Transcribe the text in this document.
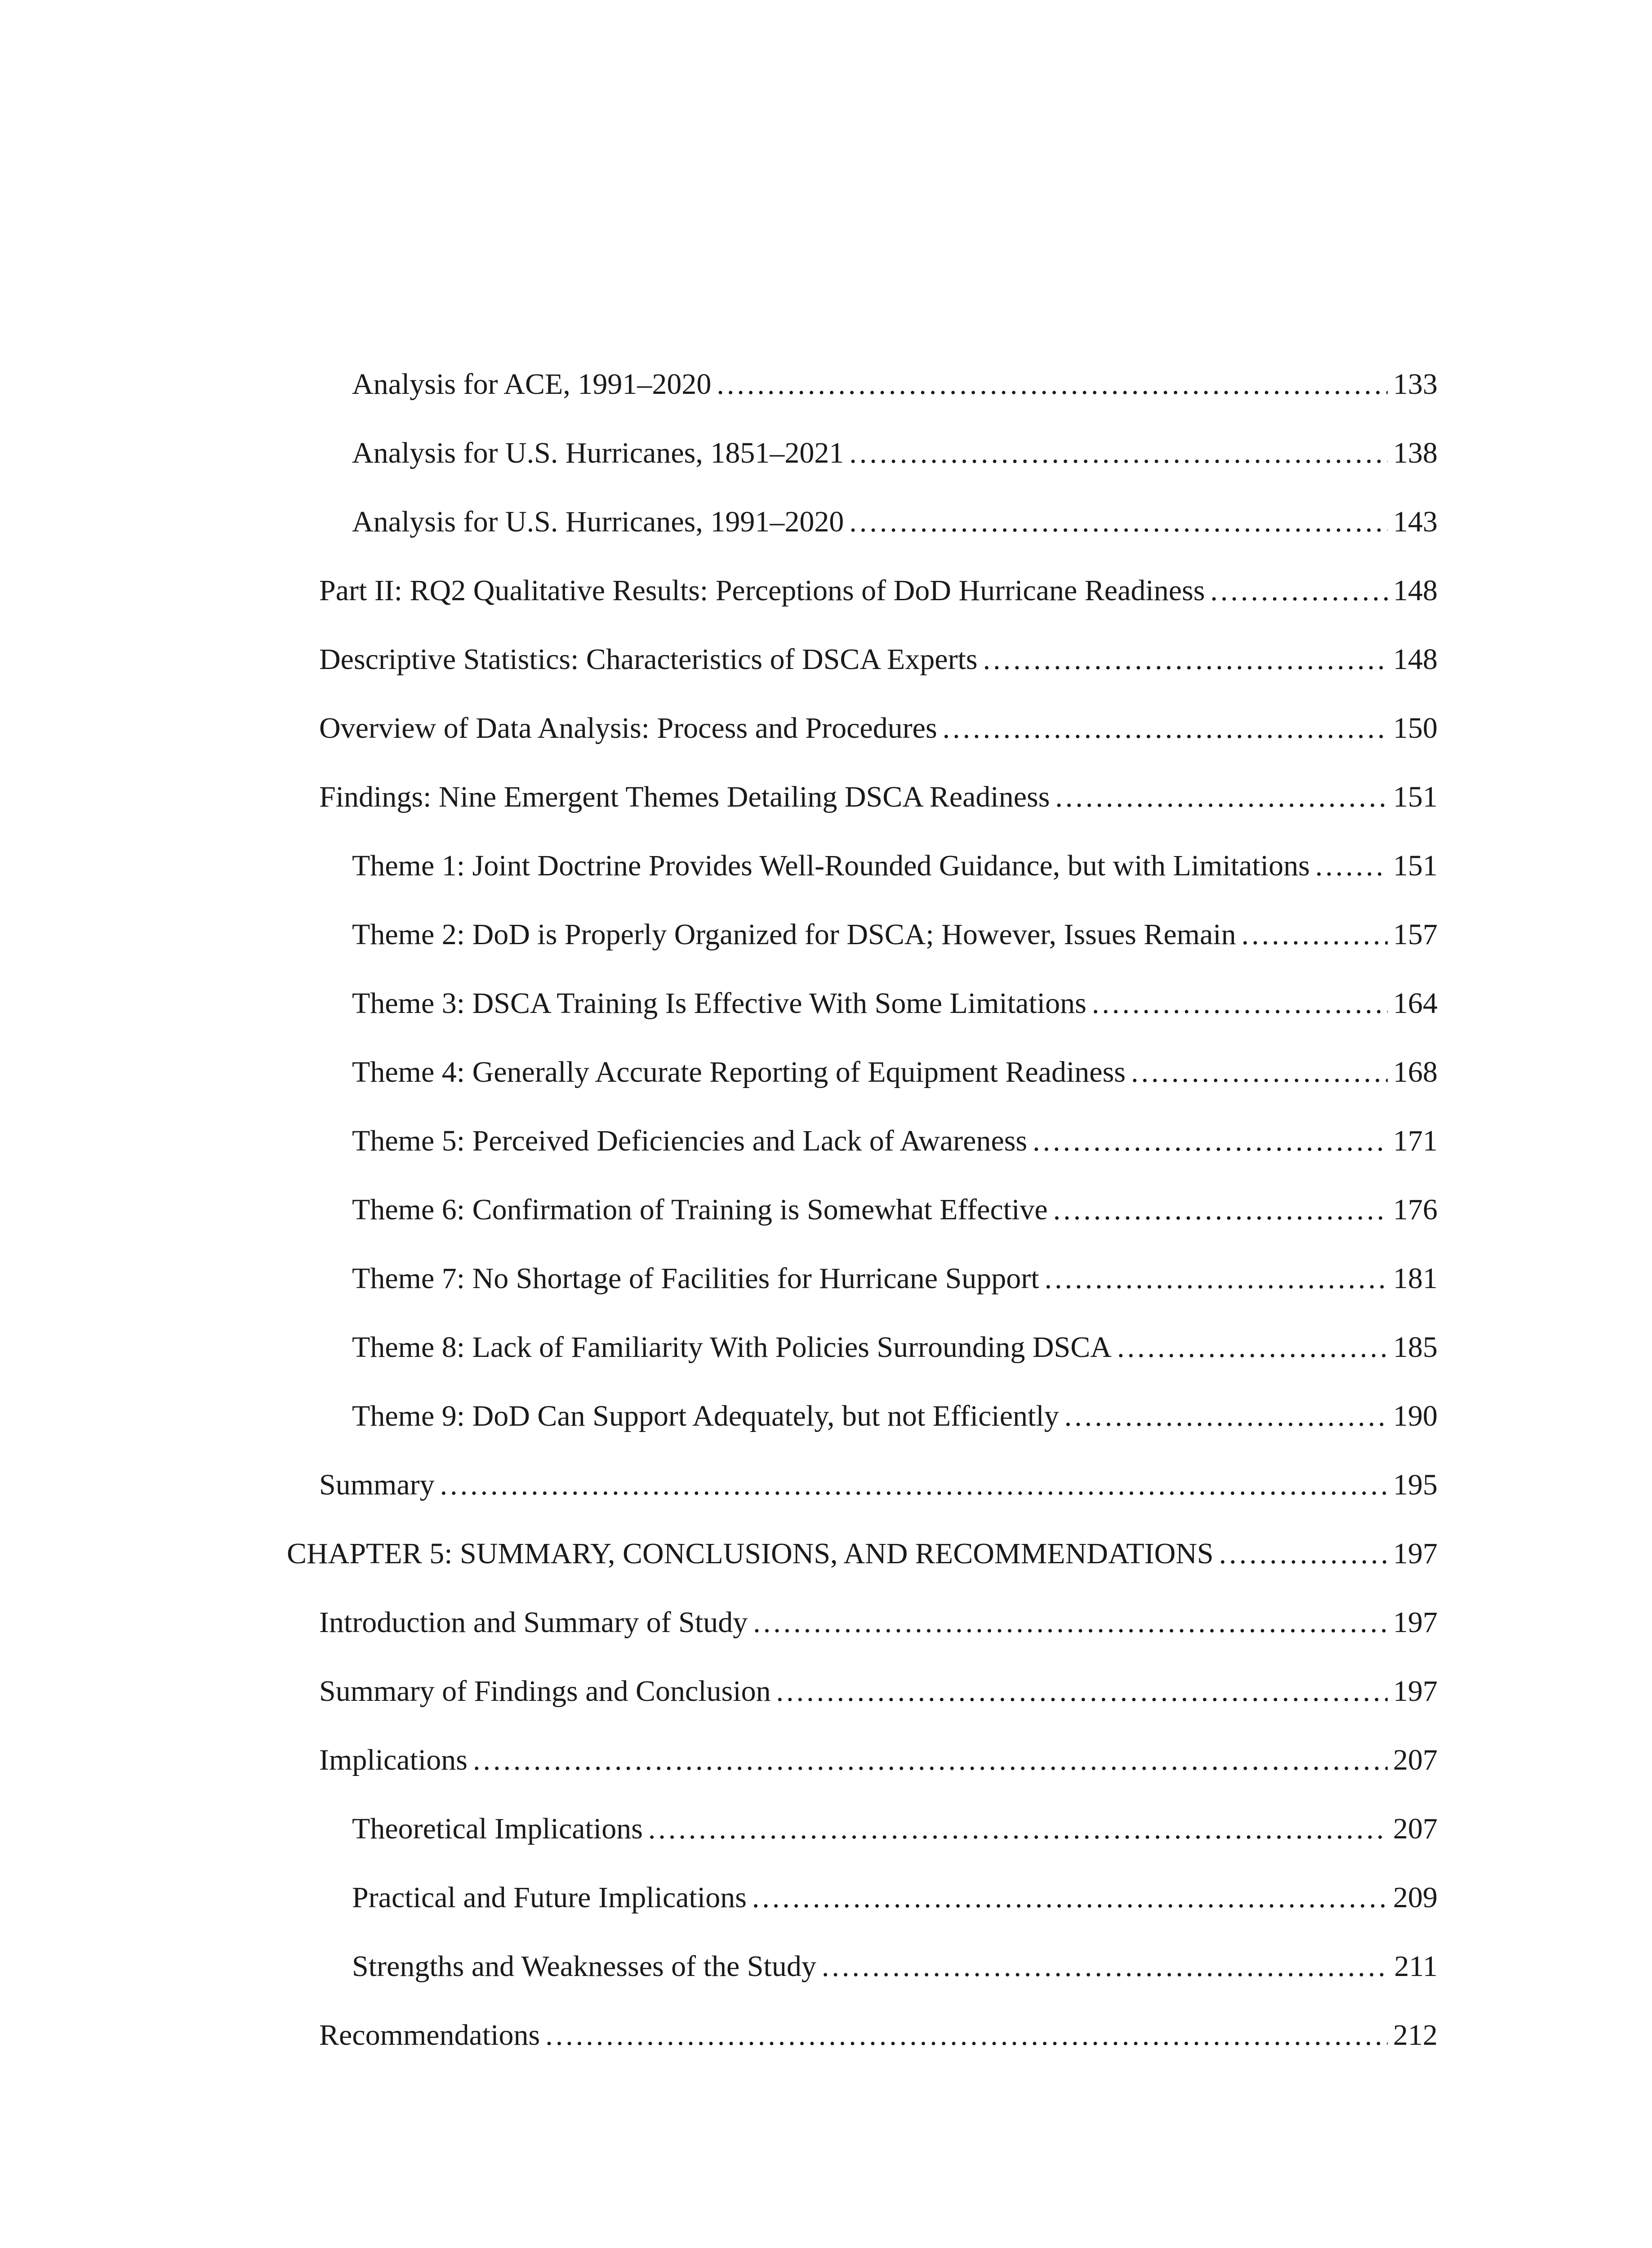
Analysis for ACE, 1991–2020 .....	133
Analysis for U.S. Hurricanes, 1851–2021 .....	138
Analysis for U.S. Hurricanes, 1991–2020 .....	143
Part II: RQ2 Qualitative Results: Perceptions of DoD Hurricane Readiness .....	148
Descriptive Statistics: Characteristics of DSCA Experts .....	148
Overview of Data Analysis: Process and Procedures .....	150
Findings: Nine Emergent Themes Detailing DSCA Readiness .....	151
Theme 1: Joint Doctrine Provides Well-Rounded Guidance, but with Limitations .....	151
Theme 2: DoD is Properly Organized for DSCA; However, Issues Remain .....	157
Theme 3: DSCA Training Is Effective With Some Limitations .....	164
Theme 4: Generally Accurate Reporting of Equipment Readiness .....	168
Theme 5: Perceived Deficiencies and Lack of Awareness .....	171
Theme 6: Confirmation of Training is Somewhat Effective .....	176
Theme 7: No Shortage of Facilities for Hurricane Support .....	181
Theme 8: Lack of Familiarity With Policies Surrounding DSCA .....	185
Theme 9: DoD Can Support Adequately, but not Efficiently .....	190
Summary .....	195
CHAPTER 5: SUMMARY, CONCLUSIONS, AND RECOMMENDATIONS .....	197
Introduction and Summary of Study .....	197
Summary of Findings and Conclusion .....	197
Implications .....	207
Theoretical Implications .....	207
Practical and Future Implications .....	209
Strengths and Weaknesses of the Study .....	211
Recommendations .....	212
